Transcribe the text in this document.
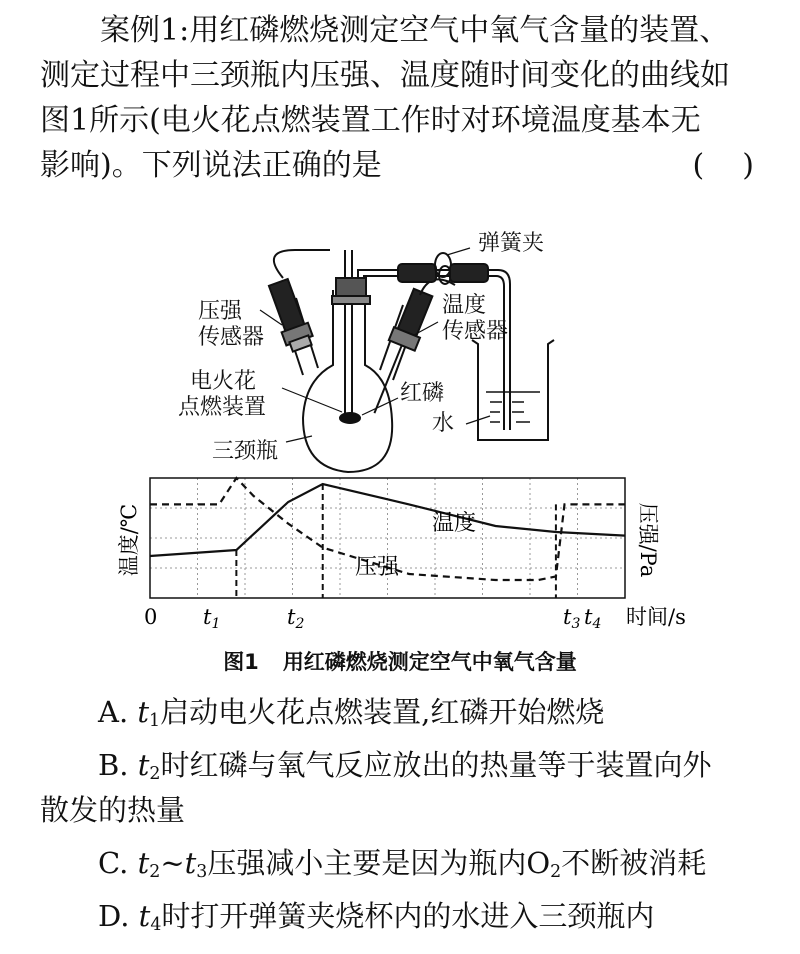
案例1:用红磷燃烧测定空气中氧气含量的装置、
测定过程中三颈瓶内压强、温度随时间变化的曲线如
图1所示(电火花点燃装置工作时对环境温度基本无
影响)。下列说法正确的是	(    )
弹簧夹
压强
传感器
温度
传感器
电火花
点燃装置
红磷
水
三颈瓶
温度
压强
温度/℃	压强/Pa
0 t1	t2	t3 t4 时间/s
图1 用红磷燃烧测定空气中氧气含量
A. $t_1$启动电火花点燃装置,红磷开始燃烧
B. $t_2$时红磷与氧气反应放出的热量等于装置向外
散发的热量
C. $t_2\sim t_3$压强减小主要是因为瓶内$O_2$不断被消耗
D. $t_4$时打开弹簧夹烧杯内的水进入三颈瓶内
